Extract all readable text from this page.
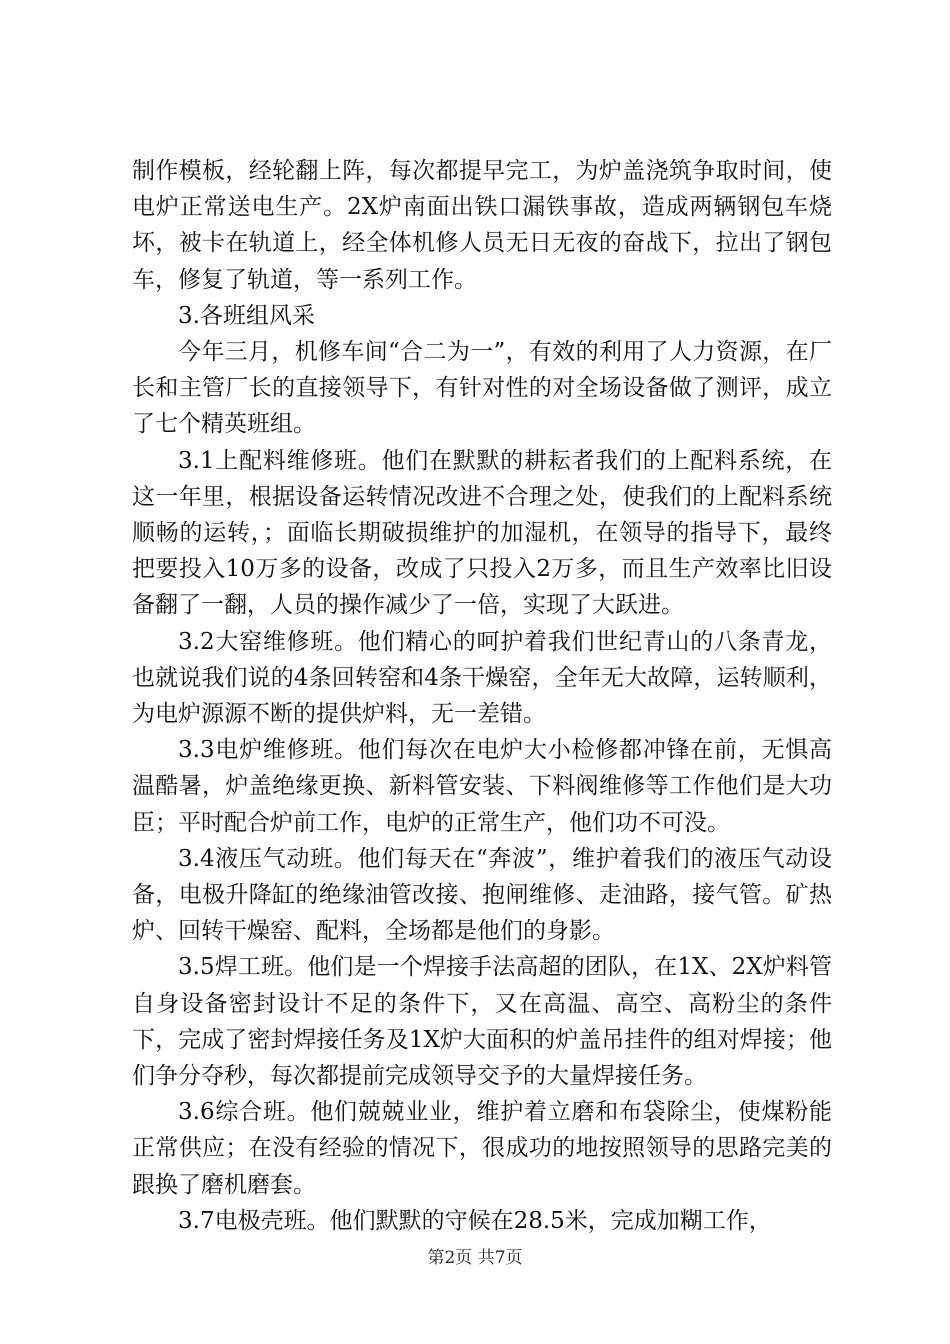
制作模板，经轮翻上阵，每次都提早完工，为炉盖浇筑争取时间，使电炉正常送电生产。2X炉南面出铁口漏铁事故，造成两辆钢包车烧坏，被卡在轨道上，经全体机修人员无日无夜的奋战下，拉出了钢包车，修复了轨道，等一系列工作。

3.各班组风采

今年三月，机修车间“合二为一”，有效的利用了人力资源，在厂长和主管厂长的直接领导下，有针对性的对全场设备做了测评，成立了七个精英班组。

3.1上配料维修班。他们在默默的耕耘者我们的上配料系统，在这一年里，根据设备运转情况改进不合理之处，使我们的上配料系统顺畅的运转，；面临长期破损维护的加湿机，在领导的指导下，最终把要投入10万多的设备，改成了只投入2万多，而且生产效率比旧设备翻了一翻，人员的操作减少了一倍，实现了大跃进。

3.2大窑维修班。他们精心的呵护着我们世纪青山的八条青龙，也就说我们说的4条回转窑和4条干燥窑，全年无大故障，运转顺利，为电炉源源不断的提供炉料，无一差错。

3.3电炉维修班。他们每次在电炉大小检修都冲锋在前，无惧高温酷暑，炉盖绝缘更换、新料管安装、下料阀维修等工作他们是大功臣；平时配合炉前工作，电炉的正常生产，他们功不可没。

3.4液压气动班。他们每天在“奔波”，维护着我们的液压气动设备，电极升降缸的绝缘油管改接、抱闸维修、走油路，接气管。矿热炉、回转干燥窑、配料，全场都是他们的身影。

3.5焊工班。他们是一个焊接手法高超的团队，在1X、2X炉料管自身设备密封设计不足的条件下，又在高温、高空、高粉尘的条件下，完成了密封焊接任务及1X炉大面积的炉盖吊挂件的组对焊接；他们争分夺秒，每次都提前完成领导交予的大量焊接任务。

3.6综合班。他们兢兢业业，维护着立磨和布袋除尘，使煤粉能正常供应；在没有经验的情况下，很成功的地按照领导的思路完美的跟换了磨机磨套。

3.7电极壳班。他们默默的守候在28.5米，完成加糊工作，

第2页 共7页
